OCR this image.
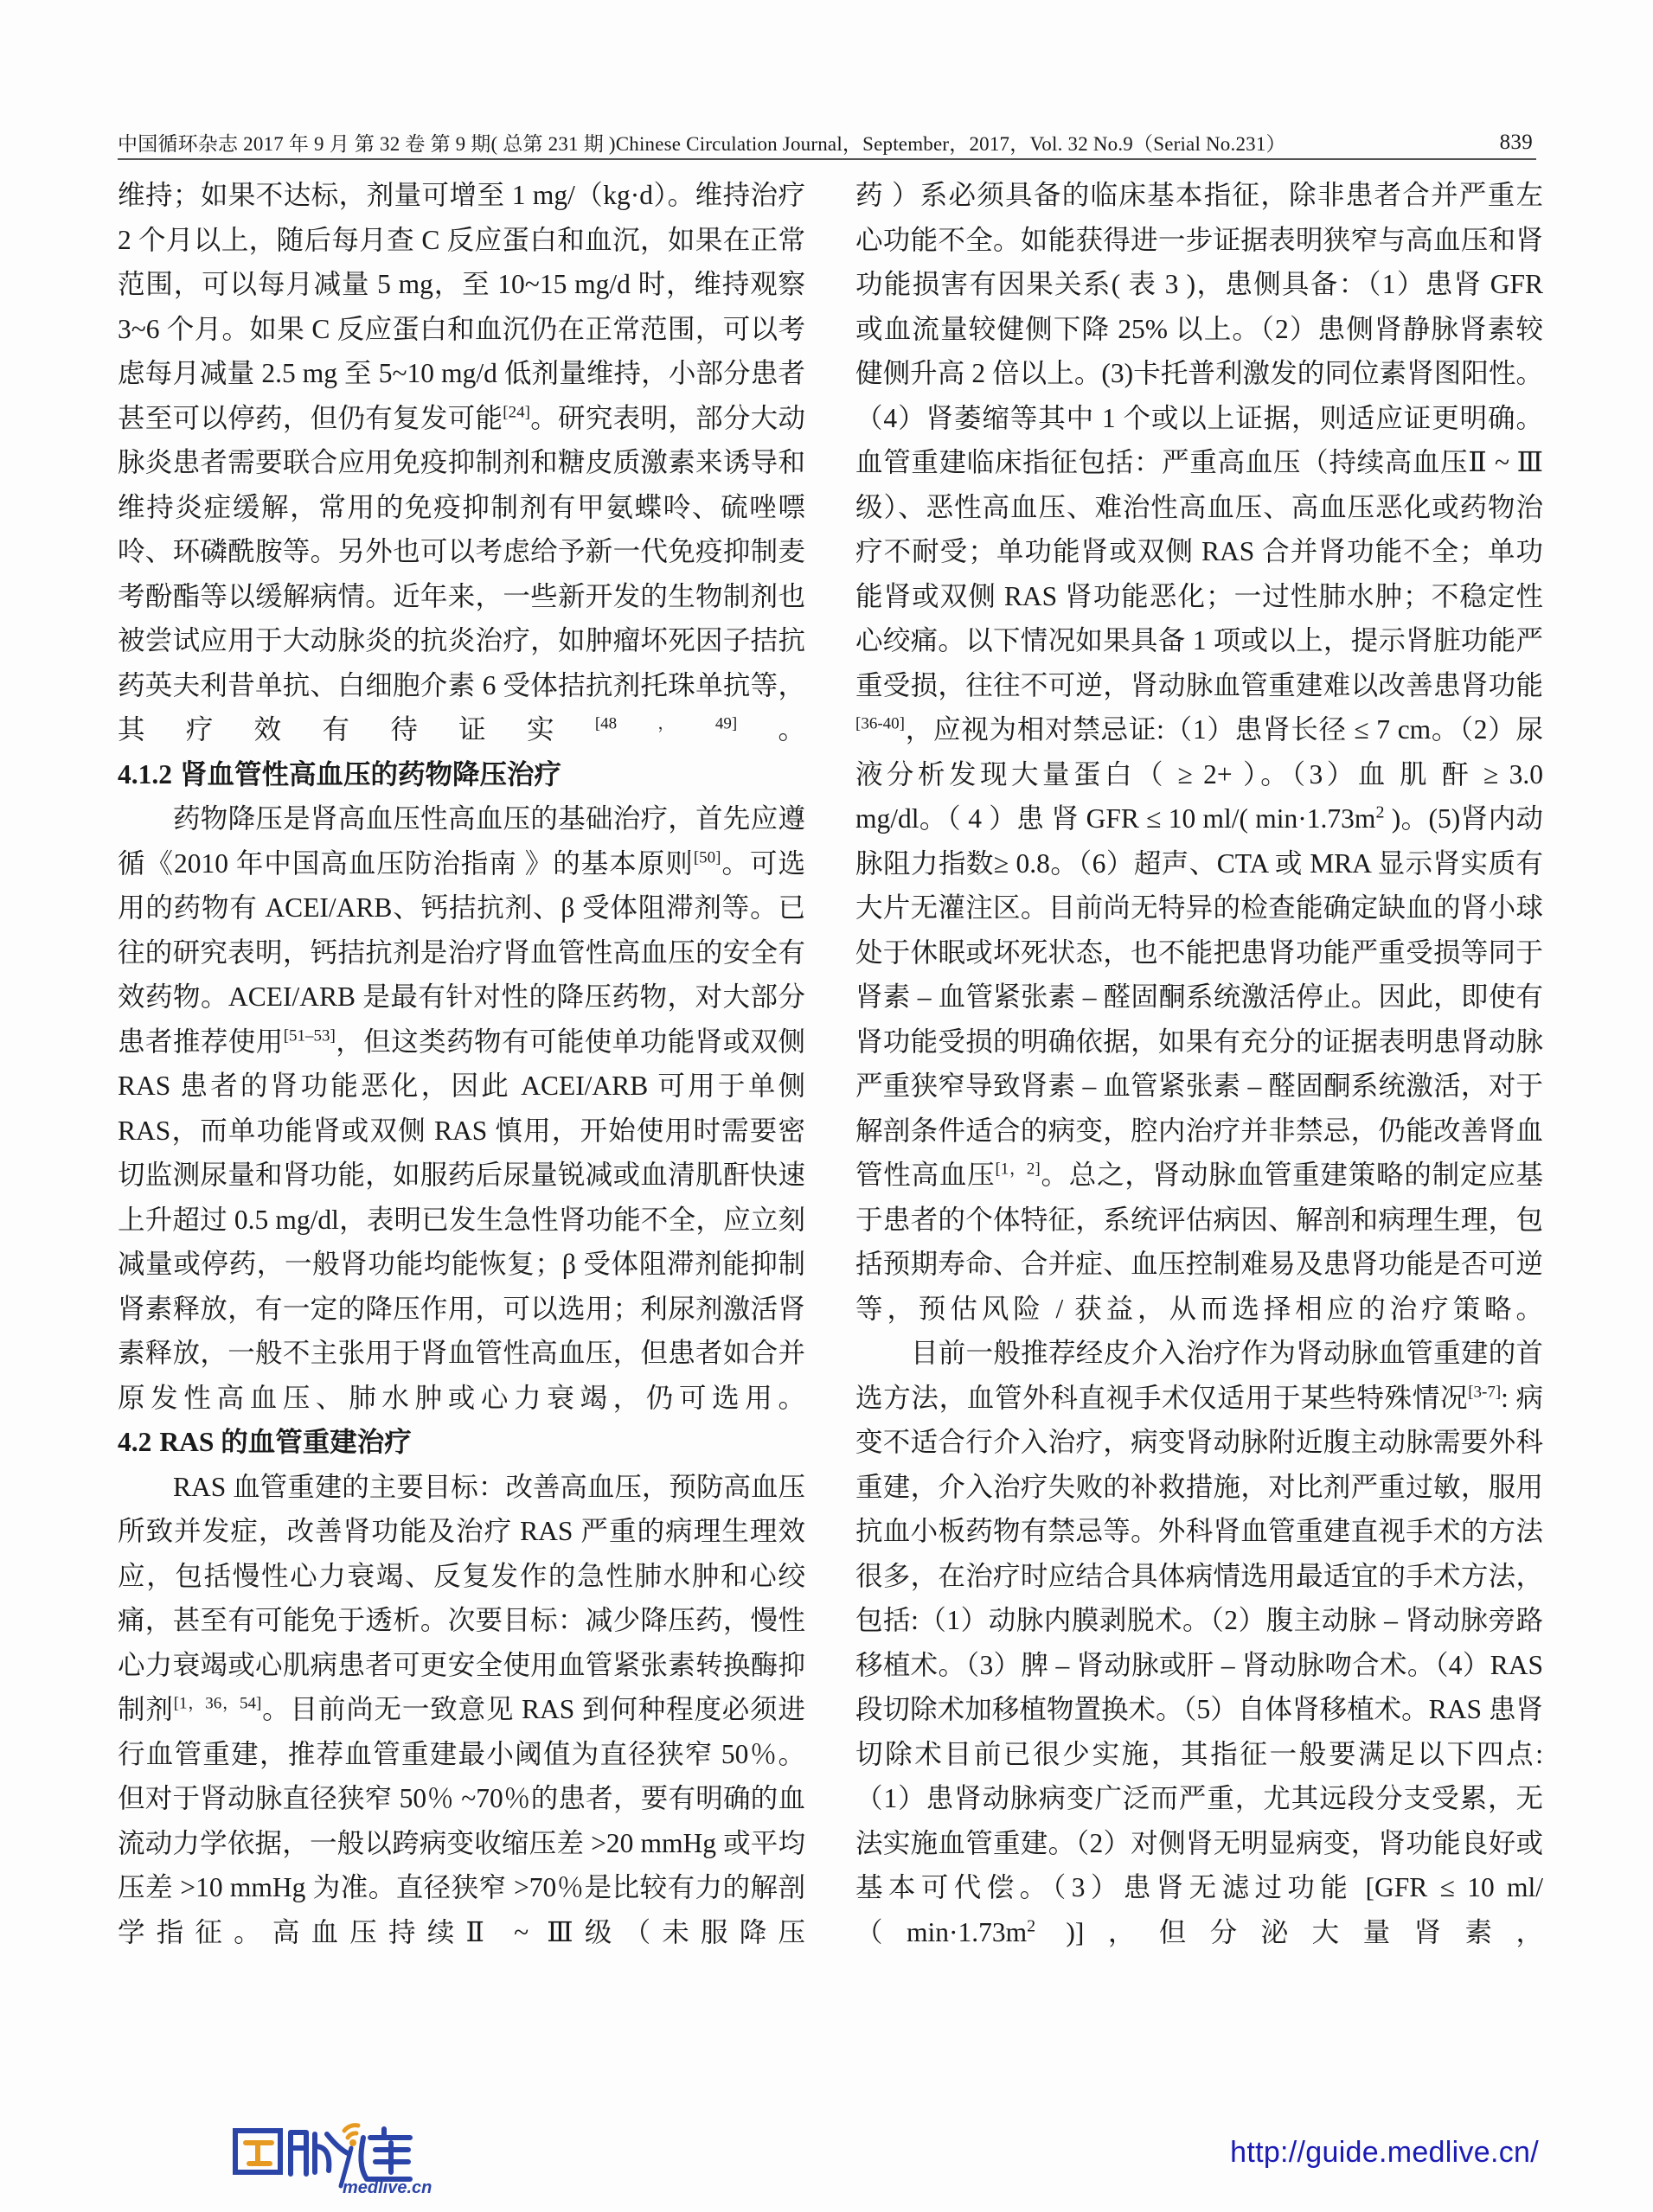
中国循环杂志 2017 年 9 月 第 32 卷 第 9 期( 总第 231 期 )Chinese Circulation Journal，September，2017，Vol. 32 No.9（Serial No.231）	839

维持；如果不达标，剂量可增至 1 mg/（kg·d）。维持治疗 2 个月以上，随后每月查 C 反应蛋白和血沉，如果在正常范围，可以每月减量 5 mg，至 10~15 mg/d 时，维持观察 3~6 个月。如果 C 反应蛋白和血沉仍在正常范围，可以考虑每月减量 2.5 mg 至 5~10 mg/d 低剂量维持，小部分患者甚至可以停药，但仍有复发可能[24]。研究表明，部分大动脉炎患者需要联合应用免疫抑制剂和糖皮质激素来诱导和维持炎症缓解，常用的免疫抑制剂有甲氨蝶呤、硫唑嘌呤、环磷酰胺等。另外也可以考虑给予新一代免疫抑制麦考酚酯等以缓解病情。近年来，一些新开发的生物制剂也被尝试应用于大动脉炎的抗炎治疗，如肿瘤坏死因子拮抗药英夫利昔单抗、白细胞介素 6 受体拮抗剂托珠单抗等，其疗效有待证实[48，49]。

4.1.2 肾血管性高血压的药物降压治疗

药物降压是肾高血压性高血压的基础治疗，首先应遵循《2010 年中国高血压防治指南 》的基本原则[50]。可选用的药物有 ACEI/ARB、钙拮抗剂、β 受体阻滞剂等。已往的研究表明，钙拮抗剂是治疗肾血管性高血压的安全有效药物。ACEI/ARB 是最有针对性的降压药物，对大部分患者推荐使用[51–53]，但这类药物有可能使单功能肾或双侧 RAS 患者的肾功能恶化，因此 ACEI/ARB 可用于单侧 RAS，而单功能肾或双侧 RAS 慎用，开始使用时需要密切监测尿量和肾功能，如服药后尿量锐减或血清肌酐快速上升超过 0.5 mg/dl，表明已发生急性肾功能不全，应立刻减量或停药，一般肾功能均能恢复；β 受体阻滞剂能抑制肾素释放，有一定的降压作用，可以选用；利尿剂激活肾素释放，一般不主张用于肾血管性高血压，但患者如合并原发性高血压、肺水肿或心力衰竭，仍可选用。

4.2 RAS 的血管重建治疗

RAS 血管重建的主要目标：改善高血压，预防高血压所致并发症，改善肾功能及治疗 RAS 严重的病理生理效应，包括慢性心力衰竭、反复发作的急性肺水肿和心绞痛，甚至有可能免于透析。次要目标：减少降压药，慢性心力衰竭或心肌病患者可更安全使用血管紧张素转换酶抑制剂[1，36，54]。目前尚无一致意见 RAS 到何种程度必须进行血管重建，推荐血管重建最小阈值为直径狭窄 50％。但对于肾动脉直径狭窄 50％ ~70％的患者，要有明确的血流动力学依据，一般以跨病变收缩压差 >20 mmHg 或平均压差 >10 mmHg 为准。直径狭窄 >70％是比较有力的解剖学指征。高血压持续Ⅱ ~ Ⅲ级（未服降压

药 ）系必须具备的临床基本指征，除非患者合并严重左心功能不全。如能获得进一步证据表明狭窄与高血压和肾功能损害有因果关系( 表 3 )，患侧具备：（1）患肾 GFR 或血流量较健侧下降 25% 以上。（2）患侧肾静脉肾素较健侧升高 2 倍以上。(3)卡托普利激发的同位素肾图阳性。（4）肾萎缩等其中 1 个或以上证据，则适应证更明确。血管重建临床指征包括：严重高血压（持续高血压Ⅱ ~ Ⅲ级）、恶性高血压、难治性高血压、高血压恶化或药物治疗不耐受；单功能肾或双侧 RAS 合并肾功能不全；单功能肾或双侧 RAS 肾功能恶化；一过性肺水肿；不稳定性心绞痛。以下情况如果具备 1 项或以上，提示肾脏功能严重受损，往往不可逆，肾动脉血管重建难以改善患肾功能[36-40]，应视为相对禁忌证:（1）患肾长径 ≤ 7 cm。（2）尿液分析发现大量蛋白（ ≥ 2+ ）。（3）血 肌 酐 ≥ 3.0 mg/dl。（ 4 ）患 肾 GFR ≤ 10 ml/( $\min\cdot 1.73m^2$ )。(5)肾内动脉阻力指数≥ 0.8。（6）超声、CTA 或 MRA 显示肾实质有大片无灌注区。目前尚无特异的检查能确定缺血的肾小球处于休眠或坏死状态，也不能把患肾功能严重受损等同于肾素 – 血管紧张素 – 醛固酮系统激活停止。因此，即使有肾功能受损的明确依据，如果有充分的证据表明患肾动脉严重狭窄导致肾素 – 血管紧张素 – 醛固酮系统激活，对于解剖条件适合的病变，腔内治疗并非禁忌，仍能改善肾血管性高血压[1，2]。总之，肾动脉血管重建策略的制定应基于患者的个体特征，系统评估病因、解剖和病理生理，包括预期寿命、合并症、血压控制难易及患肾功能是否可逆等，预估风险 / 获益，从而选择相应的治疗策略。

目前一般推荐经皮介入治疗作为肾动脉血管重建的首选方法，血管外科直视手术仅适用于某些特殊情况[3-7]: 病变不适合行介入治疗，病变肾动脉附近腹主动脉需要外科重建，介入治疗失败的补救措施，对比剂严重过敏，服用抗血小板药物有禁忌等。外科肾血管重建直视手术的方法很多，在治疗时应结合具体病情选用最适宜的手术方法，包括:（1）动脉内膜剥脱术。（2）腹主动脉 – 肾动脉旁路移植术。（3）脾 – 肾动脉或肝 – 肾动脉吻合术。（4）RAS 段切除术加移植物置换术。（5）自体肾移植术。RAS 患肾切除术目前已很少实施，其指征一般要满足以下四点:（1）患肾动脉病变广泛而严重，尤其远段分支受累，无法实施血管重建。（2）对侧肾无明显病变，肾功能良好或基本可代偿。（3）患肾无滤过功能 [GFR ≤ 10 $ml/(\min\cdot 1.73m^2$ )]，但分泌大量肾素，

medlive.cn
http://guide.medlive.cn/
